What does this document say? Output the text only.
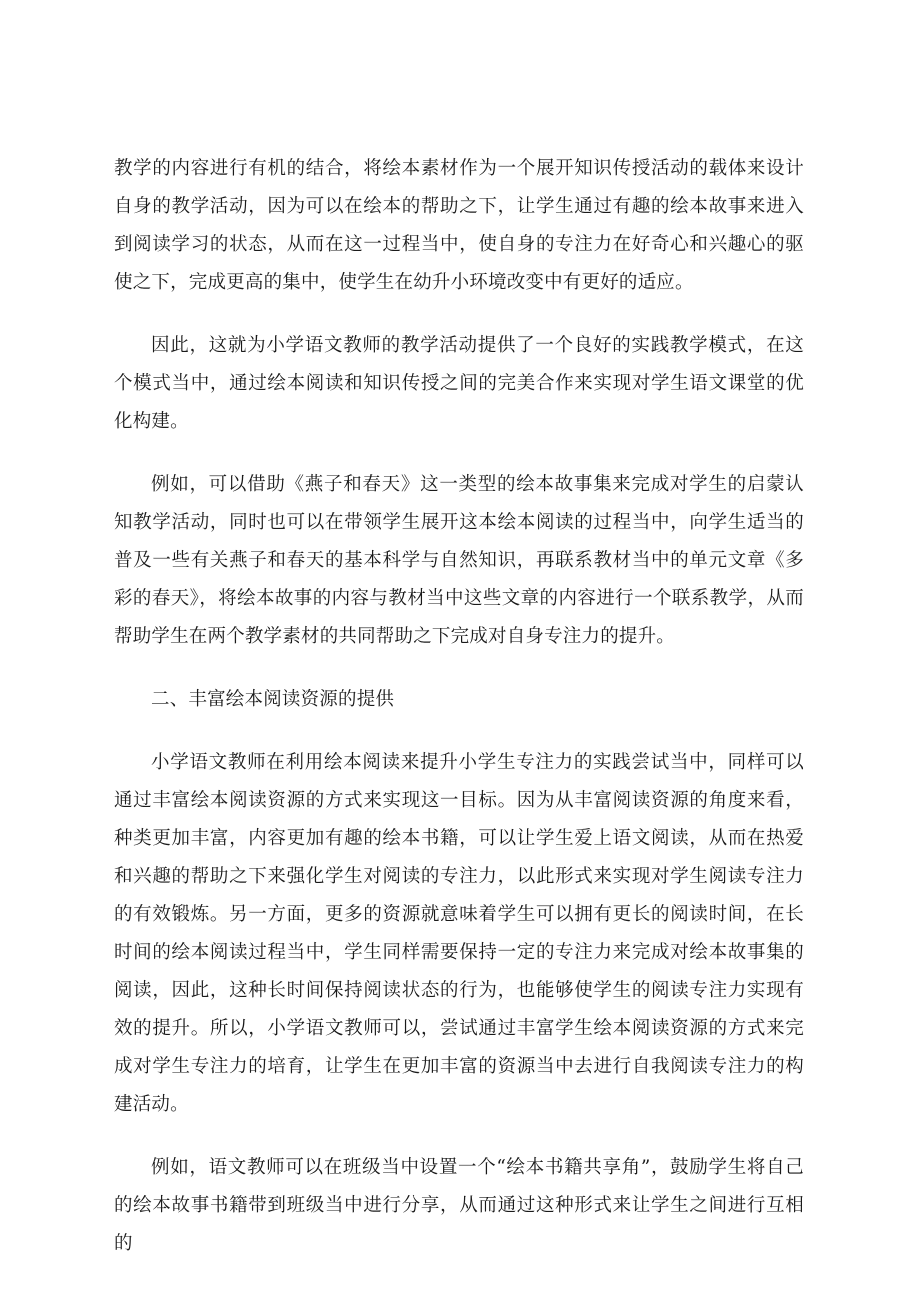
教学的内容进行有机的结合，将绘本素材作为一个展开知识传授活动的载体来设计自身的教学活动，因为可以在绘本的帮助之下，让学生通过有趣的绘本故事来进入到阅读学习的状态，从而在这一过程当中，使自身的专注力在好奇心和兴趣心的驱使之下，完成更高的集中，使学生在幼升小环境改变中有更好的适应。

因此，这就为小学语文教师的教学活动提供了一个良好的实践教学模式，在这个模式当中，通过绘本阅读和知识传授之间的完美合作来实现对学生语文课堂的优化构建。

例如，可以借助《燕子和春天》这一类型的绘本故事集来完成对学生的启蒙认知教学活动，同时也可以在带领学生展开这本绘本阅读的过程当中，向学生适当的普及一些有关燕子和春天的基本科学与自然知识，再联系教材当中的单元文章《多彩的春天》，将绘本故事的内容与教材当中这些文章的内容进行一个联系教学，从而帮助学生在两个教学素材的共同帮助之下完成对自身专注力的提升。

二、丰富绘本阅读资源的提供

小学语文教师在利用绘本阅读来提升小学生专注力的实践尝试当中，同样可以通过丰富绘本阅读资源的方式来实现这一目标。因为从丰富阅读资源的角度来看，种类更加丰富，内容更加有趣的绘本书籍，可以让学生爱上语文阅读，从而在热爱和兴趣的帮助之下来强化学生对阅读的专注力，以此形式来实现对学生阅读专注力的有效锻炼。另一方面，更多的资源就意味着学生可以拥有更长的阅读时间，在长时间的绘本阅读过程当中，学生同样需要保持一定的专注力来完成对绘本故事集的阅读，因此，这种长时间保持阅读状态的行为，也能够使学生的阅读专注力实现有效的提升。所以，小学语文教师可以，尝试通过丰富学生绘本阅读资源的方式来完成对学生专注力的培育，让学生在更加丰富的资源当中去进行自我阅读专注力的构建活动。

例如，语文教师可以在班级当中设置一个“绘本书籍共享角”，鼓励学生将自己的绘本故事书籍带到班级当中进行分享，从而通过这种形式来让学生之间进行互相的
